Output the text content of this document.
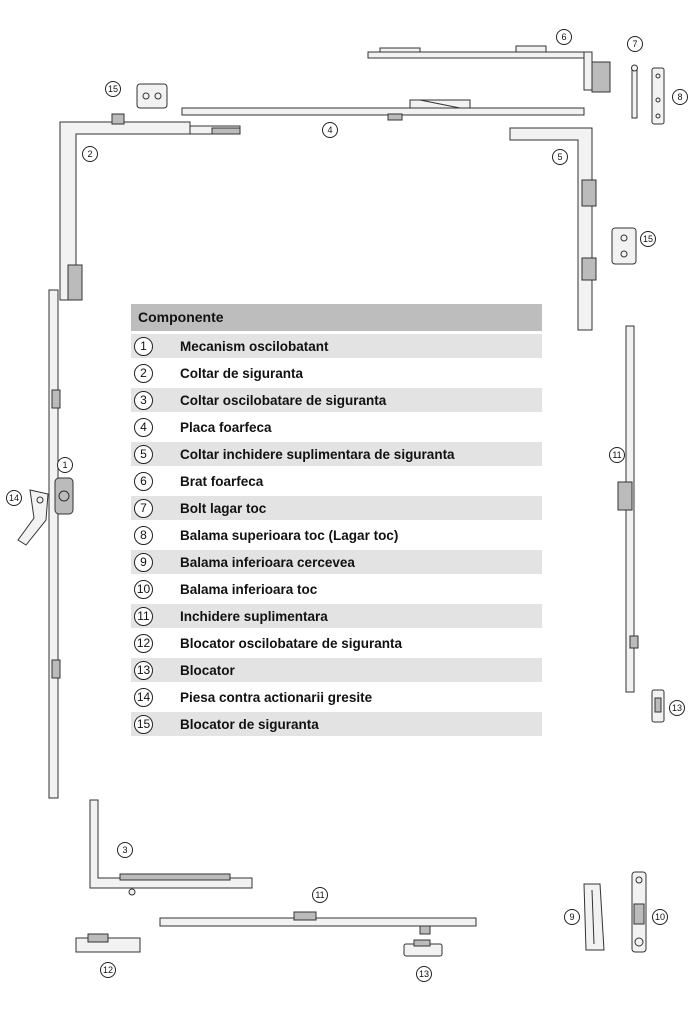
6
7
8
15
4
2	5
15
1
14
11
13
3
11
9	10
12	13
Componente
1	Mecanism oscilobatant
2	Coltar de siguranta
3	Coltar oscilobatare de siguranta
4	Placa foarfeca
5	Coltar inchidere suplimentara de siguranta
6	Brat foarfeca
7	Bolt lagar toc
8	Balama superioara toc (Lagar toc)
9	Balama inferioara cercevea
10 Balama inferioara toc
11 Inchidere suplimentara
12 Blocator oscilobatare de siguranta
13 Blocator
14 Piesa contra actionarii gresite
15 Blocator de siguranta
